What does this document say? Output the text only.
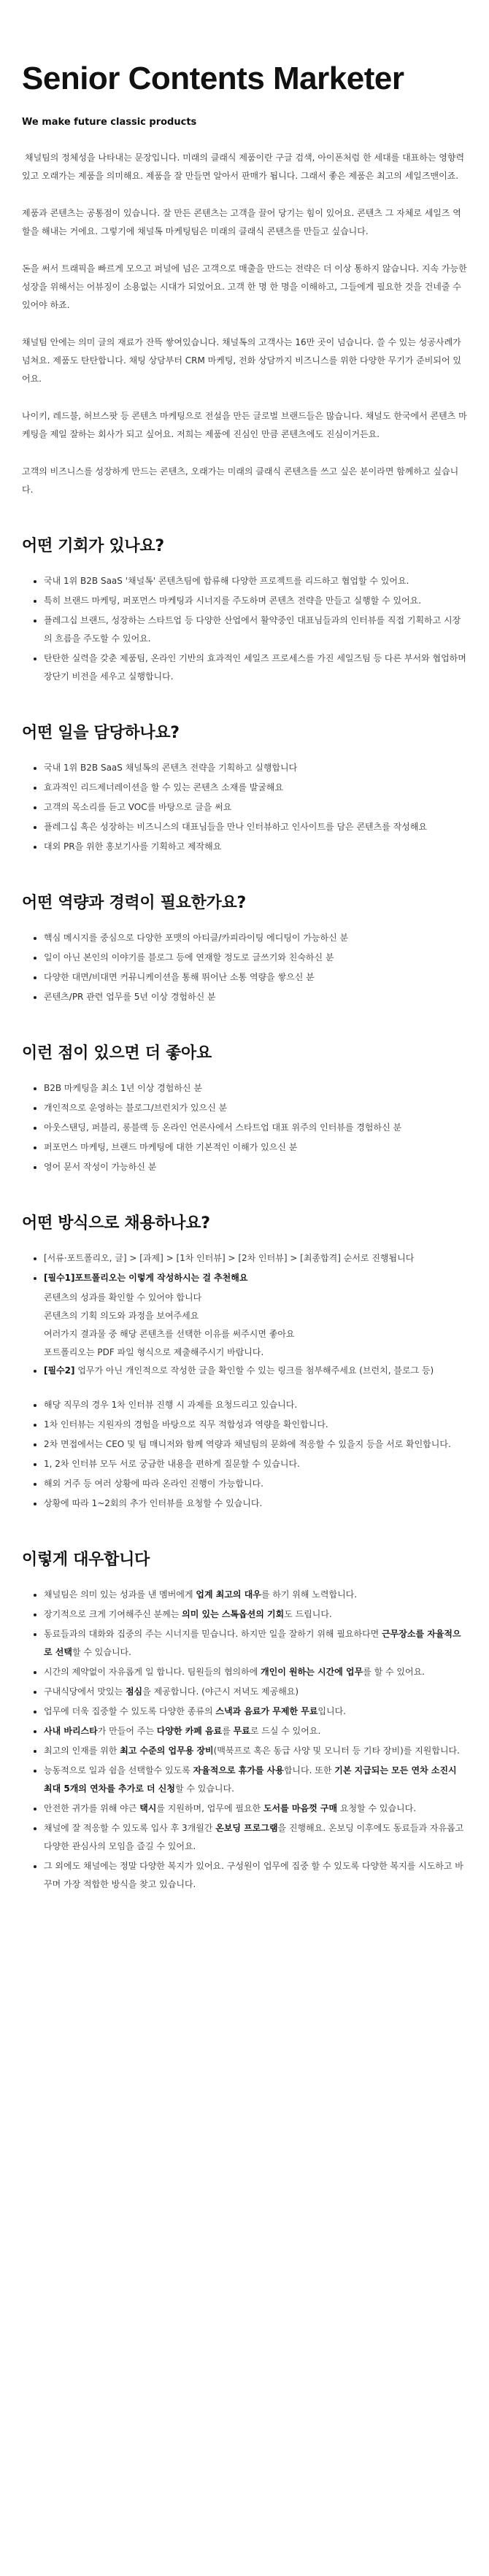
Senior Contents Marketer
We make future classic products

채널팀의 정체성을 나타내는 문장입니다. 미래의 클래식 제품이란 구글 검색, 아이폰처럼 한 세대를 대표하는 영향력 있고 오래가는 제품을 의미해요. 제품을 잘 만들면 알아서 판매가 됩니다. 그래서 좋은 제품은 최고의 세일즈맨이죠.

제품과 콘텐츠는 공통점이 있습니다. 잘 만든 콘텐츠는 고객을 끌어 당기는 힘이 있어요. 콘텐츠 그 자체로 세일즈 역할을 해내는 거에요. 그렇기에 채널톡 마케팅팀은 미래의 클래식 콘텐츠를 만들고 싶습니다.

돈을 써서 트래픽을 빠르게 모으고 퍼널에 넘은 고객으로 매출을 만드는 전략은 더 이상 통하지 않습니다. 지속 가능한 성장을 위해서는 어뷰징이 소용없는 시대가 되었어요. 고객 한 명 한 명을 이해하고, 그들에게 필요한 것을 건네줄 수 있어야 하죠.

채널팀 안에는 의미 글의 재료가 잔뜩 쌓여있습니다. 채널톡의 고객사는 16만 곳이 넘습니다. 쓸 수 있는 성공사례가 넘쳐요. 제품도 탄탄합니다. 채팅 상담부터 CRM 마케팅, 전화 상담까지 비즈니스를 위한 다양한 무기가 준비되어 있어요.

나이키, 레드불, 허브스팟 등 콘텐츠 마케팅으로 전설을 만든 글로벌 브랜드들은 많습니다. 채널도 한국에서 콘텐츠 마케팅을 제일 잘하는 회사가 되고 싶어요. 저희는 제품에 진심인 만큼 콘텐츠에도 진심이거든요.

고객의 비즈니스를 성장하게 만드는 콘텐츠, 오래가는 미래의 클래식 콘텐츠를 쓰고 싶은 분이라면 함께하고 싶습니다.

어떤 기회가 있나요?
• 국내 1위 B2B SaaS '채널톡' 콘텐츠팀에 합류해 다양한 프로젝트를 리드하고 협업할 수 있어요.
• 특히 브랜드 마케팅, 퍼포먼스 마케팅과 시너지를 주도하며 콘텐츠 전략을 만들고 실행할 수 있어요.
• 플레그십 브랜드, 성장하는 스타트업 등 다양한 산업에서 활약중인 대표님들과의 인터뷰를 직접 기획하고 시장의 흐름을 주도할 수 있어요.
• 탄탄한 실력을 갖춘 제품팀, 온라인 기반의 효과적인 세일즈 프로세스를 가진 세일즈팀 등 다른 부서와 협업하며 장단기 비전을 세우고 실행합니다.
어떤 일을 담당하나요?
• 국내 1위 B2B SaaS 채널톡의 콘텐츠 전략을 기획하고 실행합니다
• 효과적인 리드제너레이션을 할 수 있는 콘텐츠 소재를 발굴해요
• 고객의 목소리를 듣고 VOC를 바탕으로 글을 써요
• 플레그십 혹은 성장하는 비즈니스의 대표님들을 만나 인터뷰하고 인사이트를 담은 콘텐츠를 작성해요
• 대외 PR을 위한 홍보기사를 기획하고 제작해요
어떤 역량과 경력이 필요한가요?
• 핵심 메시지를 중심으로 다양한 포맷의 아티클/카피라이팅 에디팅이 가능하신 분
• 일이 아닌 본인의 이야기를 블로그 등에 연재할 정도로 글쓰기와 친숙하신 분
• 다양한 대면/비대면 커뮤니케이션을 통해 뛰어난 소통 역량을 쌓으신 분
• 콘텐츠/PR 관련 업무를 5년 이상 경험하신 분
이런 점이 있으면 더 좋아요
• B2B 마케팅을 최소 1년 이상 경험하신 분
• 개인적으로 운영하는 블로그/브런치가 있으신 분
• 아웃스탠딩, 퍼블리, 롱블랙 등 온라인 언론사에서 스타트업 대표 위주의 인터뷰를 경험하신 분
• 퍼포먼스 마케팅, 브랜드 마케팅에 대한 기본적인 이해가 있으신 분
• 영어 문서 작성이 가능하신 분
어떤 방식으로 채용하나요?
• [서류·포트폴리오, 글] > [과제] > [1차 인터뷰] > [2차 인터뷰] > [최종합격] 순서로 진행됩니다
• [필수1]포트폴리오는 이렇게 작성하시는 걸 추천해요

콘텐츠의 성과를 확인할 수 있어야 합니다

콘텐츠의 기획 의도와 과정을 보여주세요

여러가지 결과물 중 해당 콘텐츠를 선택한 이유를 써주시면 좋아요

포트폴리오는 PDF 파일 형식으로 제출해주시기 바랍니다.

• [필수2] 업무가 아닌 개인적으로 작성한 글을 확인할 수 있는 링크를 첨부해주세요 (브런치, 블로그 등)
• 해당 직무의 경우 1차 인터뷰 진행 시 과제를 요청드리고 있습니다.
• 1차 인터뷰는 지원자의 경험을 바탕으로 직무 적합성과 역량을 확인합니다.
• 2차 면접에서는 CEO 및 팀 매니저와 함께 역량과 채널팀의 문화에 적응할 수 있을지 등을 서로 확인합니다.
• 1, 2차 인터뷰 모두 서로 궁금한 내용을 편하게 질문할 수 있습니다.
• 해외 거주 등 여러 상황에 따라 온라인 진행이 가능합니다.
• 상황에 따라 1~2회의 추가 인터뷰를 요청할 수 있습니다.
이렇게 대우합니다
• 채널팀은 의미 있는 성과를 낸 멤버에게 업계 최고의 대우를 하기 위해 노력합니다.
• 장기적으로 크게 기여해주신 분께는 의미 있는 스톡옵션의 기회도 드립니다.
• 동료들과의 대화와 집중의 주는 시너지를 믿습니다. 하지만 일을 잘하기 위해 필요하다면 근무장소를 자율적으로 선택할 수 있습니다.
• 시간의 제약없이 자유롭게 일 합니다. 팀원들의 협의하에 개인이 원하는 시간에 업무를 할 수 있어요.
• 구내식당에서 맛있는 점심을 제공합니다. (야근시 저녁도 제공해요)
• 업무에 더욱 집중할 수 있도록 다양한 종류의 스낵과 음료가 무제한 무료입니다.
• 사내 바리스타가 만들어 주는 다양한 카페 음료를 무료로 드실 수 있어요.
• 최고의 인재를 위한 최고 수준의 업무용 장비(맥북프로 혹은 동급 사양 및 모니터 등 기타 장비)를 지원합니다.
• 능동적으로 일과 쉼을 선택할수 있도록 자율적으로 휴가를 사용합니다. 또한 기본 지급되는 모든 연차 소진시 최대 5개의 연차를 추가로 더 신청할 수 있습니다.
• 안전한 귀가를 위해 야근 택시를 지원하며, 업무에 필요한 도서를 마음껏 구매 요청할 수 있습니다.
• 채널에 잘 적응할 수 있도록 입사 후 3개월간 온보딩 프로그램을 진행해요. 온보딩 이후에도 동료들과 자유롭고 다양한 관심사의 모임을 즐길 수 있어요.
• 그 외에도 채널에는 정말 다양한 복지가 있어요. 구성원이 업무에 집중 할 수 있도록 다양한 복지를 시도하고 바꾸며 가장 적합한 방식을 찾고 있습니다.
